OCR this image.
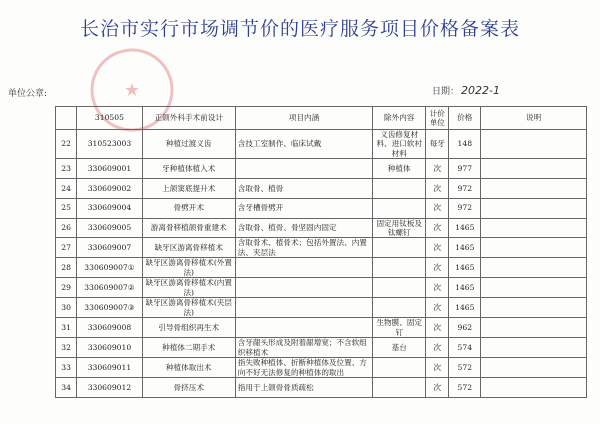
长治市实行市场调节价的医疗服务项目价格备案表
★
单位公章:	日期： 2022-1
	310505	正颌外科手术前设计	项目内涵	除外内容	计价单位	价格	说明
22	310523003	种植过渡义齿	含技工室制作、临床试戴	义齿修复材料、进口软衬材料	每牙	148	
23	330609001	牙种植体植入术		种植体	次	977	
24	330609002	上颌窦底提升术	含取骨、植骨		次	972	
25	330609004	骨劈开术	含牙槽骨劈开		次	972	
26	330609005	游离骨移植颌骨重建术	含取骨、植骨、骨坚固内固定	固定用钛板及钛螺钉	次	1465	
27	330609007	缺牙区游离骨移植术	含取骨术、植骨术；包括外置法、内置法、夹层法		次	1465	
28	330609007①	缺牙区游离骨移植术(外置法)			次	1465	
29	330609007②	缺牙区游离骨移植术(内置法)			次	1465	
30	330609007③	缺牙区游离骨移植术(夹层法)			次	1465	
31	330609008	引导骨组织再生术		生物膜、固定钉	次	962	
32	330609010	种植体二期手术	含牙龈头形成及附着龈增宽；不含软组织移植术	基台	次	574	
33	330609011	种植体取出术	指失败种植体、折断种植体及位置、方向不好无法修复的种植体的取出		次	572	
34	330609012	骨挤压术	指用于上颌骨骨质疏松		次	572	
